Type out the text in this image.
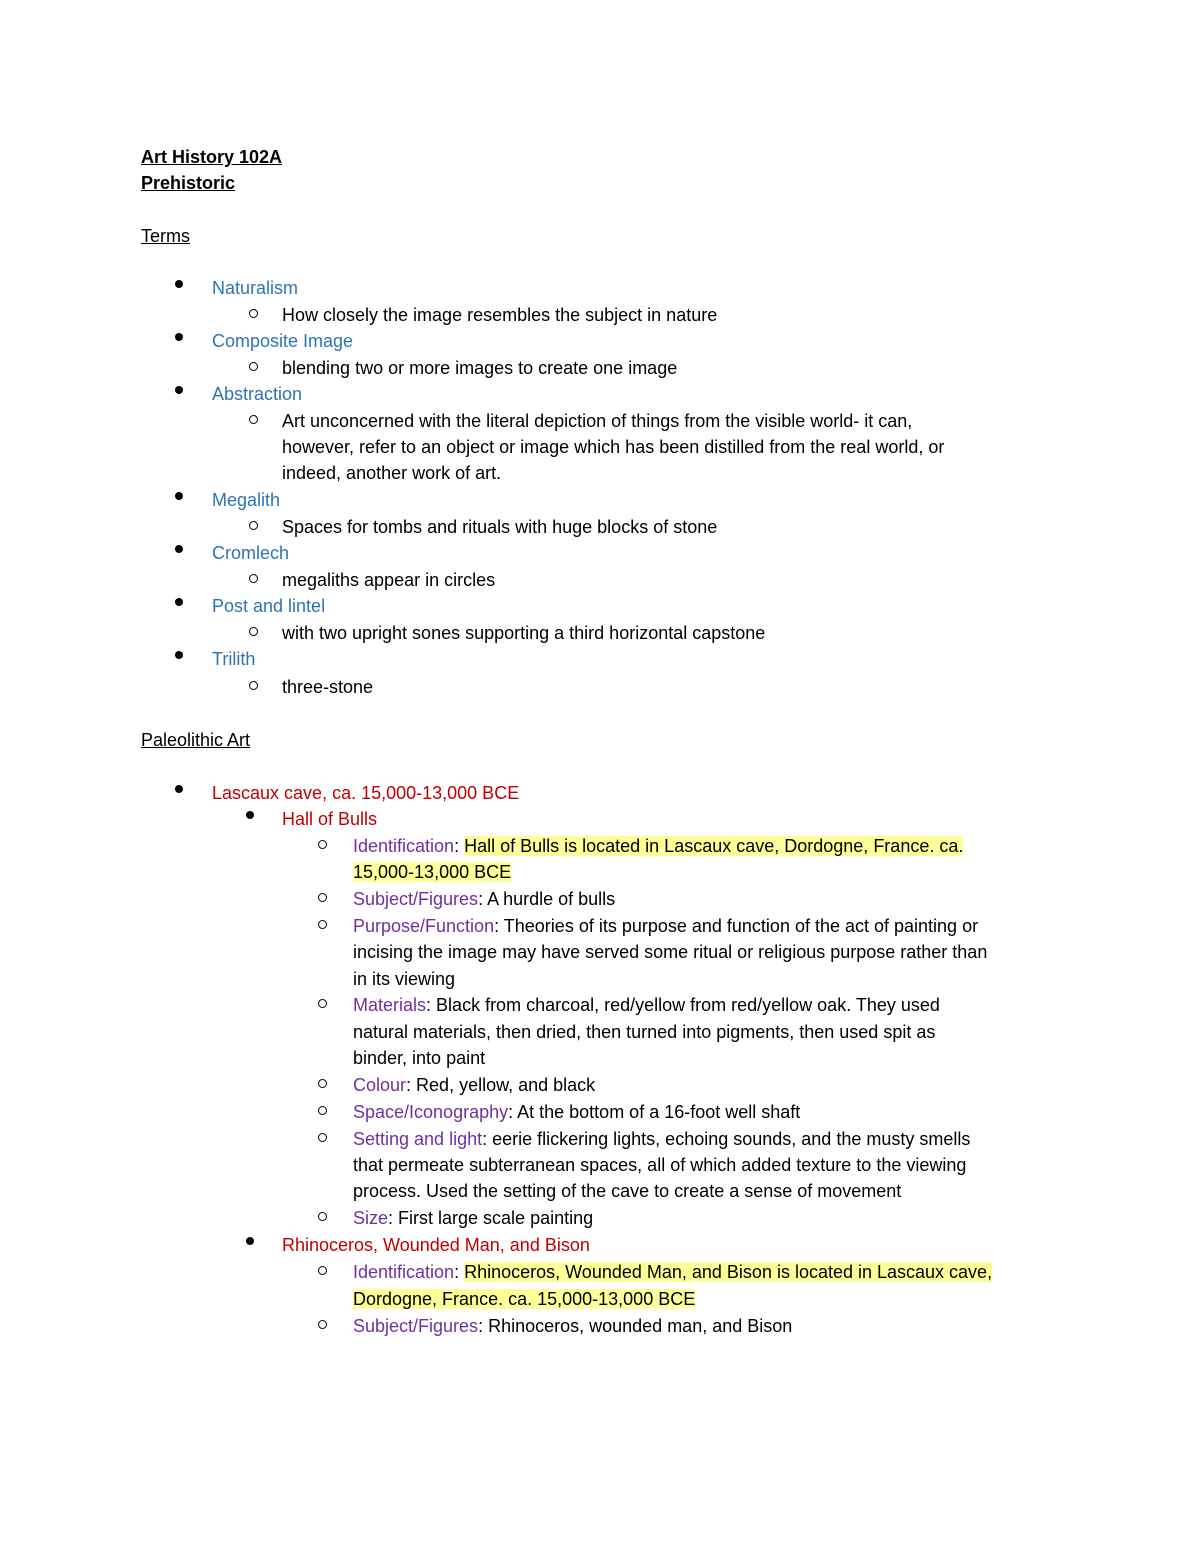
Art History 102A
Prehistoric
Terms
Naturalism
How closely the image resembles the subject in nature
Composite Image
blending two or more images to create one image
Abstraction
Art unconcerned with the literal depiction of things from the visible world- it can,
however, refer to an object or image which has been distilled from the real world, or
indeed, another work of art.
Megalith
Spaces for tombs and rituals with huge blocks of stone
Cromlech
megaliths appear in circles
Post and lintel
with two upright sones supporting a third horizontal capstone
Trilith
three-stone
Paleolithic Art
Lascaux cave, ca. 15,000-13,000 BCE
Hall of Bulls
Identification: Hall of Bulls is located in Lascaux cave, Dordogne, France. ca.
15,000-13,000 BCE
Subject/Figures: A hurdle of bulls
Purpose/Function: Theories of its purpose and function of the act of painting or
incising the image may have served some ritual or religious purpose rather than
in its viewing
Materials: Black from charcoal, red/yellow from red/yellow oak. They used
natural materials, then dried, then turned into pigments, then used spit as
binder, into paint
Colour: Red, yellow, and black
Space/Iconography: At the bottom of a 16-foot well shaft
Setting and light: eerie flickering lights, echoing sounds, and the musty smells
that permeate subterranean spaces, all of which added texture to the viewing
process. Used the setting of the cave to create a sense of movement
Size: First large scale painting
Rhinoceros, Wounded Man, and Bison
Identification: Rhinoceros, Wounded Man, and Bison is located in Lascaux cave,
Dordogne, France. ca. 15,000-13,000 BCE
Subject/Figures: Rhinoceros, wounded man, and Bison
